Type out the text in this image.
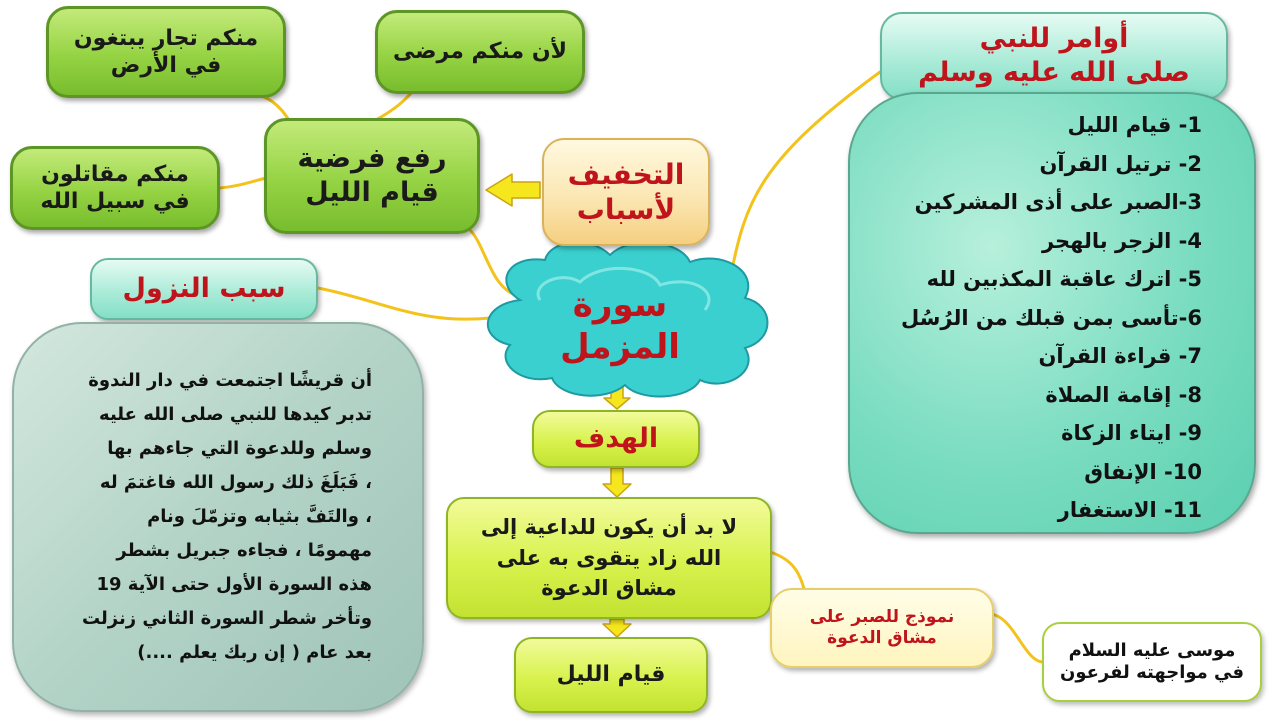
سورة
المزمل
التخفيف
لأسباب
رفع فرضية
قيام الليل
لأن منكم مرضى
منكم تجار يبتغون
في الأرض
منكم مقاتلون
في سبيل الله
أوامر للنبي
صلى الله عليه وسلم
1- قيام الليل
2- ترتيل القرآن
3-الصبر على أذى المشركين
4- الزجر بالهجر
5- اترك عاقبة المكذبين لله
6-تأسى بمن قبلك من الرُسُل
7- قراءة القرآن
8- إقامة الصلاة
9- ايتاء الزكاة
10- الإنفاق
11- الاستغفار
سبب النزول
أن قريشًا اجتمعت في دار الندوة
تدبر كيدها للنبي صلى الله عليه
وسلم وللدعوة التي جاءهم بها
، فَبَلَغَ ذلك رسول الله فاغتمَ له
، والتَفَّ بثيابه وتزمّلَ ونام
مهمومًا ، فجاءه جبريل بشطر
هذه السورة الأول حتى الآية 19
وتأخر شطر السورة الثاني زنزلت
بعد عام ( إن ربك يعلم ....)
الهدف
لا بد أن يكون للداعية إلى
الله زاد يتقوى به على
مشاق الدعوة
قيام الليل
نموذج للصبر على
مشاق الدعوة
موسى عليه السلام
في مواجهته لفرعون
